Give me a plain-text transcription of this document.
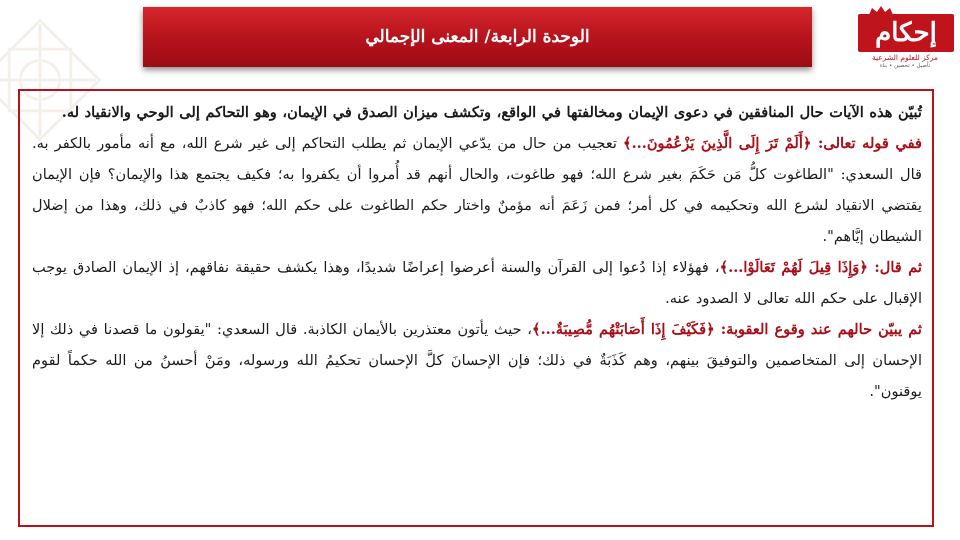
الوحدة الرابعة/ المعنى الإجمالي	إحكام
مركز للعلوم الشرعية
تأصيل • تحصين • بناء

تُبيّن هذه الآيات حال المنافقين في دعوى الإيمان ومخالفتها في الواقع، وتكشف ميزان الصدق في الإيمان، وهو التحاكم إلى الوحي والانقياد له.

ففي قوله تعالى: ﴿أَلَمْ تَرَ إِلَى الَّذِينَ يَزْعُمُونَ...﴾ تعجيب من حال من يدّعي الإيمان ثم يطلب التحاكم إلى غير شرع الله، مع أنه مأمور بالكفر به. قال السعدي: "الطاغوت كلُّ مَن حَكَمَ بغير شرع الله؛ فهو طاغوت، والحال أنهم قد أُمروا أن يكفروا به؛ فكيف يجتمع هذا والإيمان؟ فإن الإيمان يقتضي الانقياد لشرع الله وتحكيمه في كل أمر؛ فمن زَعَمَ أنه مؤمنٌ واختار حكم الطاغوت على حكم الله؛ فهو كاذبٌ في ذلك، وهذا من إضلال الشيطان إيَّاهم".

ثم قال: ﴿وَإِذَا قِيلَ لَهُمْ تَعَالَوْا...﴾، فهؤلاء إذا دُعوا إلى القرآن والسنة أعرضوا إعراضًا شديدًا، وهذا يكشف حقيقة نفاقهم، إذ الإيمان الصادق يوجب الإقبال على حكم الله تعالى لا الصدود عنه.

ثم يبيّن حالهم عند وقوع العقوبة: ﴿فَكَيْفَ إِذَا أَصَابَتْهُم مُّصِيبَةٌ...﴾، حيث يأتون معتذرين بالأيمان الكاذبة. قال السعدي: "يقولون ما قصدنا في ذلك إلا الإحسان إلى المتخاصمين والتوفيقَ بينهم، وهم كَذَبَةٌ في ذلك؛ فإن الإحسانَ كلَّ الإحسان تحكيمُ الله ورسوله، ومَنْ أحسنُ من الله حكماً لقوم يوقنون".
